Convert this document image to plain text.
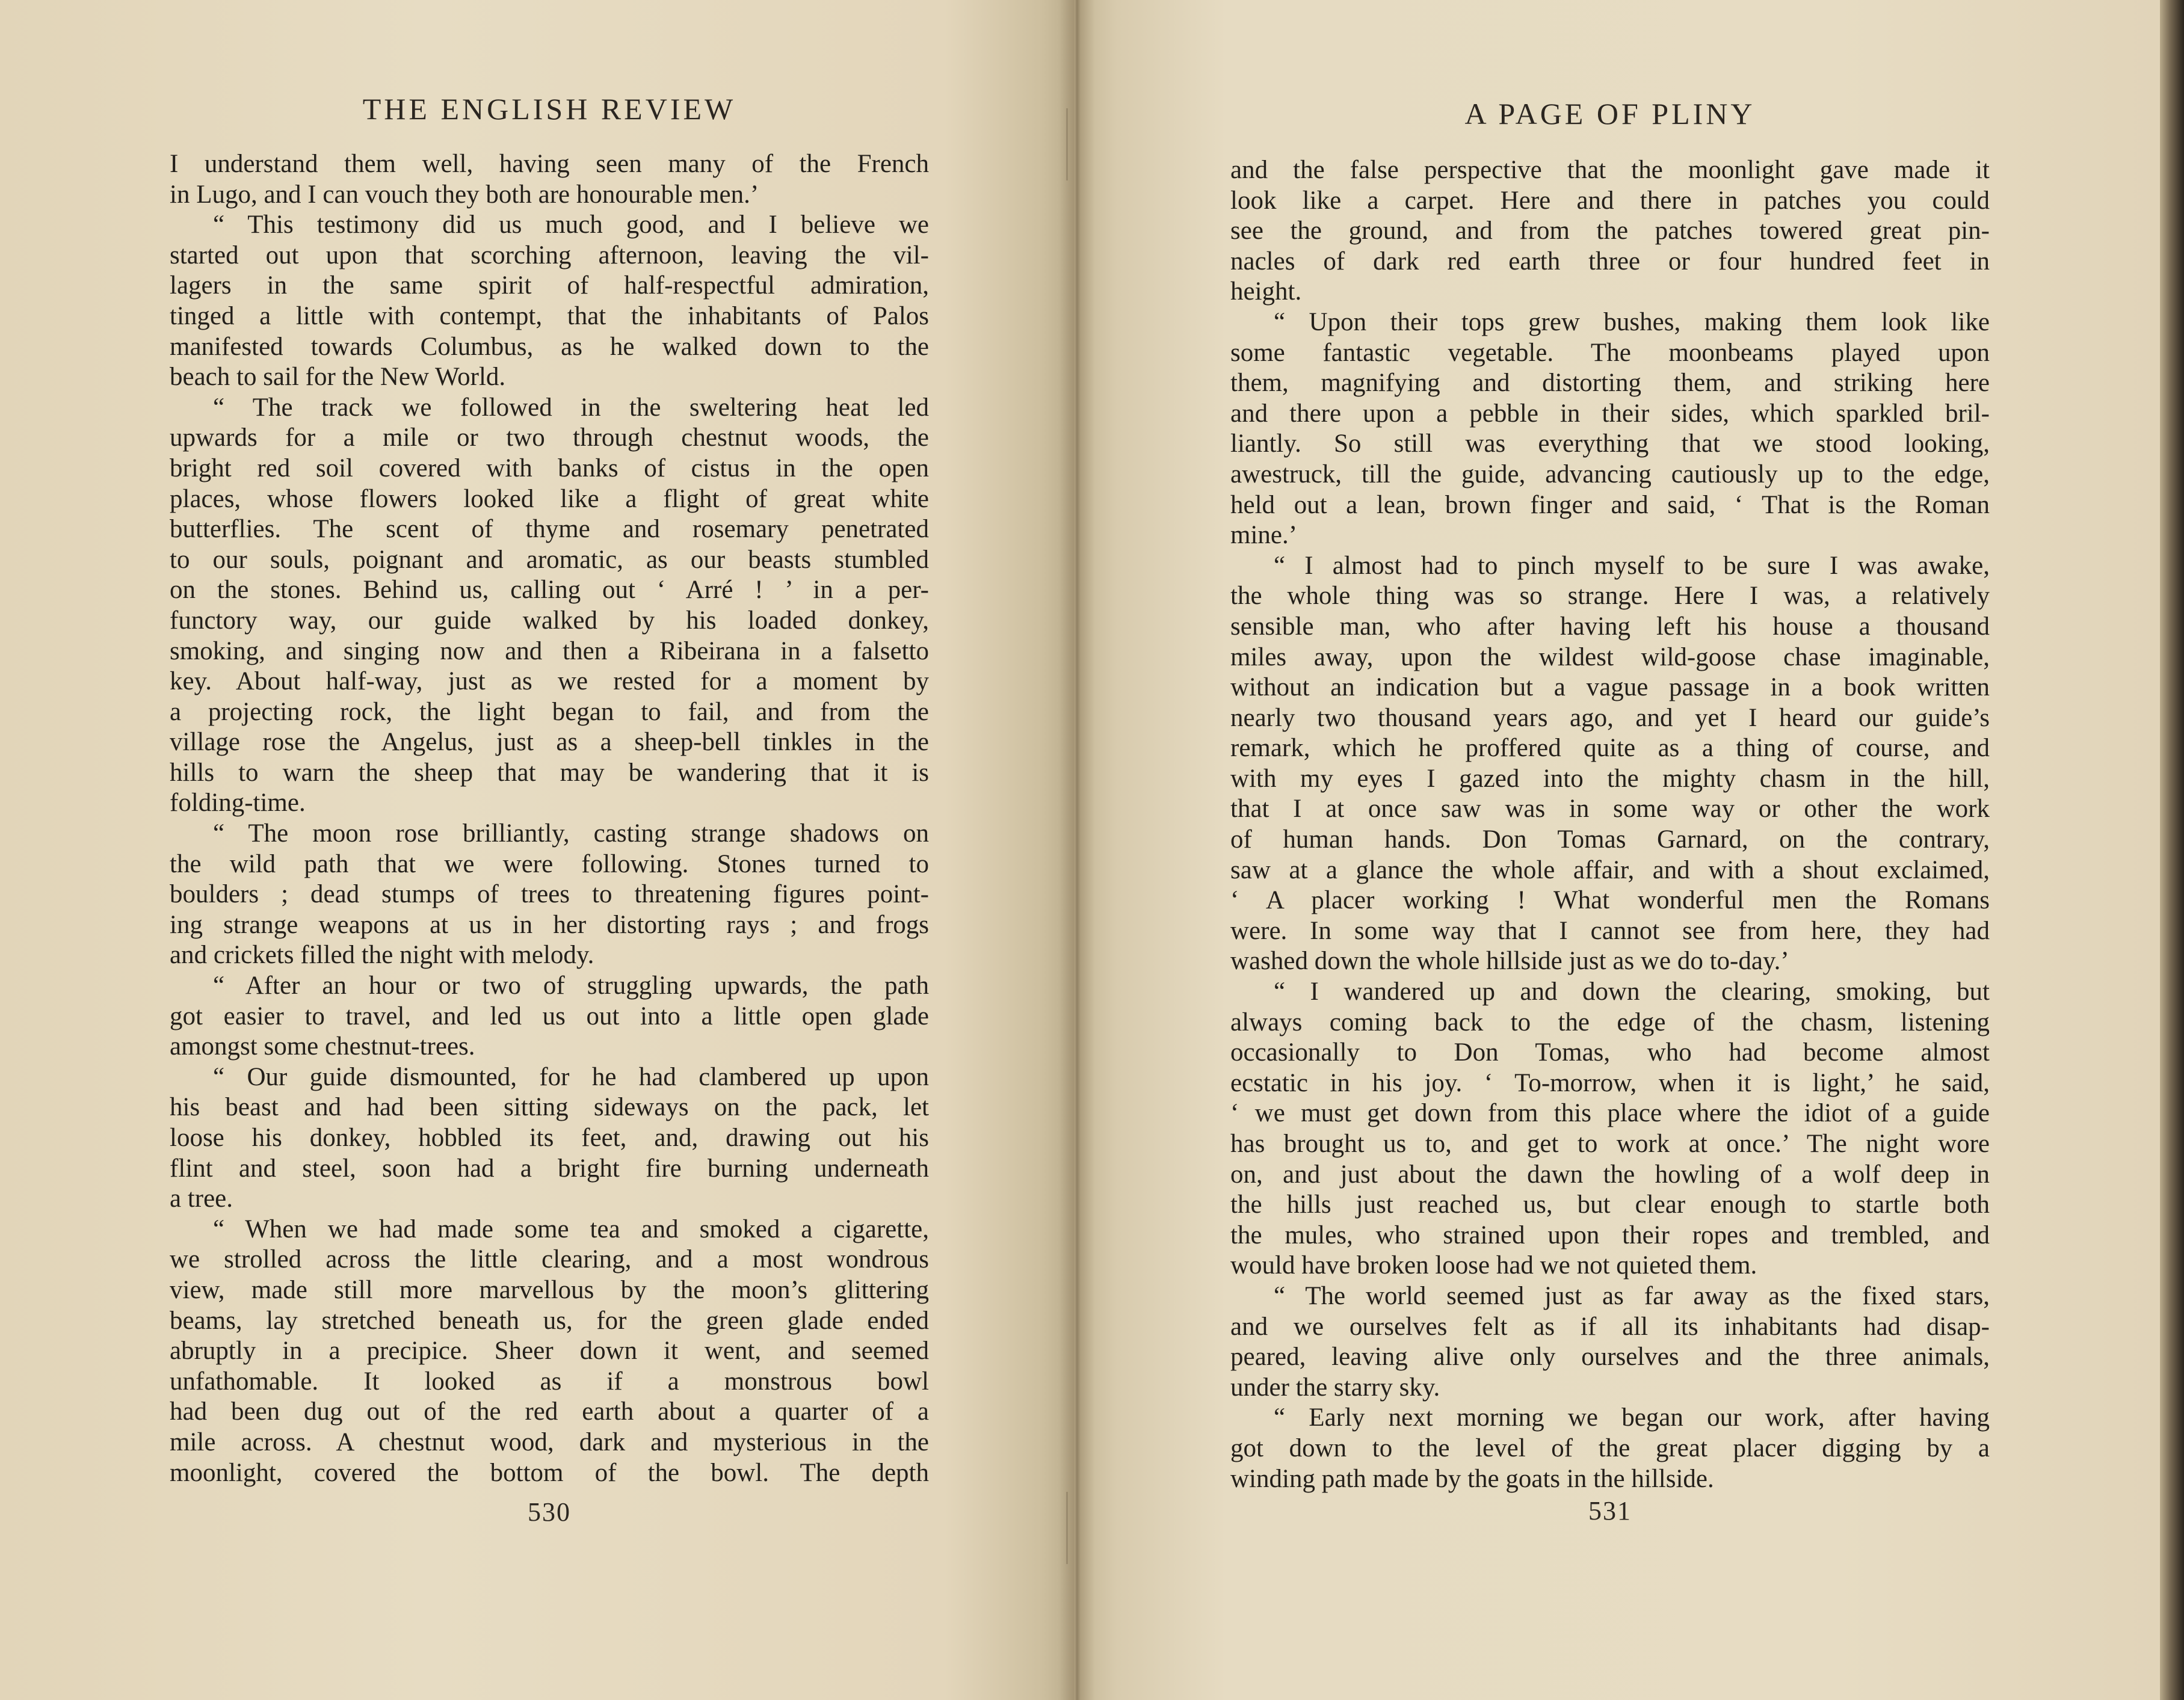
THE ENGLISH REVIEW
I understand them well, having seen many of the French
in Lugo, and I can vouch they both are honourable men.’
“ This testimony did us much good, and I believe we
started out upon that scorching afternoon, leaving the vil-
lagers in the same spirit of half-respectful admiration,
tinged a little with contempt, that the inhabitants of Palos
manifested towards Columbus, as he walked down to the
beach to sail for the New World.
“ The track we followed in the sweltering heat led
upwards for a mile or two through chestnut woods, the
bright red soil covered with banks of cistus in the open
places, whose flowers looked like a flight of great white
butterflies. The scent of thyme and rosemary penetrated
to our souls, poignant and aromatic, as our beasts stumbled
on the stones. Behind us, calling out ‘ Arré ! ’ in a per-
functory way, our guide walked by his loaded donkey,
smoking, and singing now and then a Ribeirana in a falsetto
key. About half-way, just as we rested for a moment by
a projecting rock, the light began to fail, and from the
village rose the Angelus, just as a sheep-bell tinkles in the
hills to warn the sheep that may be wandering that it is
folding-time.
“ The moon rose brilliantly, casting strange shadows on
the wild path that we were following. Stones turned to
boulders ; dead stumps of trees to threatening figures point-
ing strange weapons at us in her distorting rays ; and frogs
and crickets filled the night with melody.
“ After an hour or two of struggling upwards, the path
got easier to travel, and led us out into a little open glade
amongst some chestnut-trees.
“ Our guide dismounted, for he had clambered up upon
his beast and had been sitting sideways on the pack, let
loose his donkey, hobbled its feet, and, drawing out his
flint and steel, soon had a bright fire burning underneath
a tree.
“ When we had made some tea and smoked a cigarette,
we strolled across the little clearing, and a most wondrous
view, made still more marvellous by the moon’s glittering
beams, lay stretched beneath us, for the green glade ended
abruptly in a precipice. Sheer down it went, and seemed
unfathomable. It looked as if a monstrous bowl
had been dug out of the red earth about a quarter of a
mile across. A chestnut wood, dark and mysterious in the
moonlight, covered the bottom of the bowl. The depth
530
A PAGE OF PLINY
and the false perspective that the moonlight gave made it
look like a carpet. Here and there in patches you could
see the ground, and from the patches towered great pin-
nacles of dark red earth three or four hundred feet in
height.
“ Upon their tops grew bushes, making them look like
some fantastic vegetable. The moonbeams played upon
them, magnifying and distorting them, and striking here
and there upon a pebble in their sides, which sparkled bril-
liantly. So still was everything that we stood looking,
awestruck, till the guide, advancing cautiously up to the edge,
held out a lean, brown finger and said, ‘ That is the Roman
mine.’
“ I almost had to pinch myself to be sure I was awake,
the whole thing was so strange. Here I was, a relatively
sensible man, who after having left his house a thousand
miles away, upon the wildest wild-goose chase imaginable,
without an indication but a vague passage in a book written
nearly two thousand years ago, and yet I heard our guide’s
remark, which he proffered quite as a thing of course, and
with my eyes I gazed into the mighty chasm in the hill,
that I at once saw was in some way or other the work
of human hands. Don Tomas Garnard, on the contrary,
saw at a glance the whole affair, and with a shout exclaimed,
‘ A placer working ! What wonderful men the Romans
were. In some way that I cannot see from here, they had
washed down the whole hillside just as we do to-day.’
“ I wandered up and down the clearing, smoking, but
always coming back to the edge of the chasm, listening
occasionally to Don Tomas, who had become almost
ecstatic in his joy. ‘ To-morrow, when it is light,’ he said,
‘ we must get down from this place where the idiot of a guide
has brought us to, and get to work at once.’ The night wore
on, and just about the dawn the howling of a wolf deep in
the hills just reached us, but clear enough to startle both
the mules, who strained upon their ropes and trembled, and
would have broken loose had we not quieted them.
“ The world seemed just as far away as the fixed stars,
and we ourselves felt as if all its inhabitants had disap-
peared, leaving alive only ourselves and the three animals,
under the starry sky.
“ Early next morning we began our work, after having
got down to the level of the great placer digging by a
winding path made by the goats in the hillside.
531
